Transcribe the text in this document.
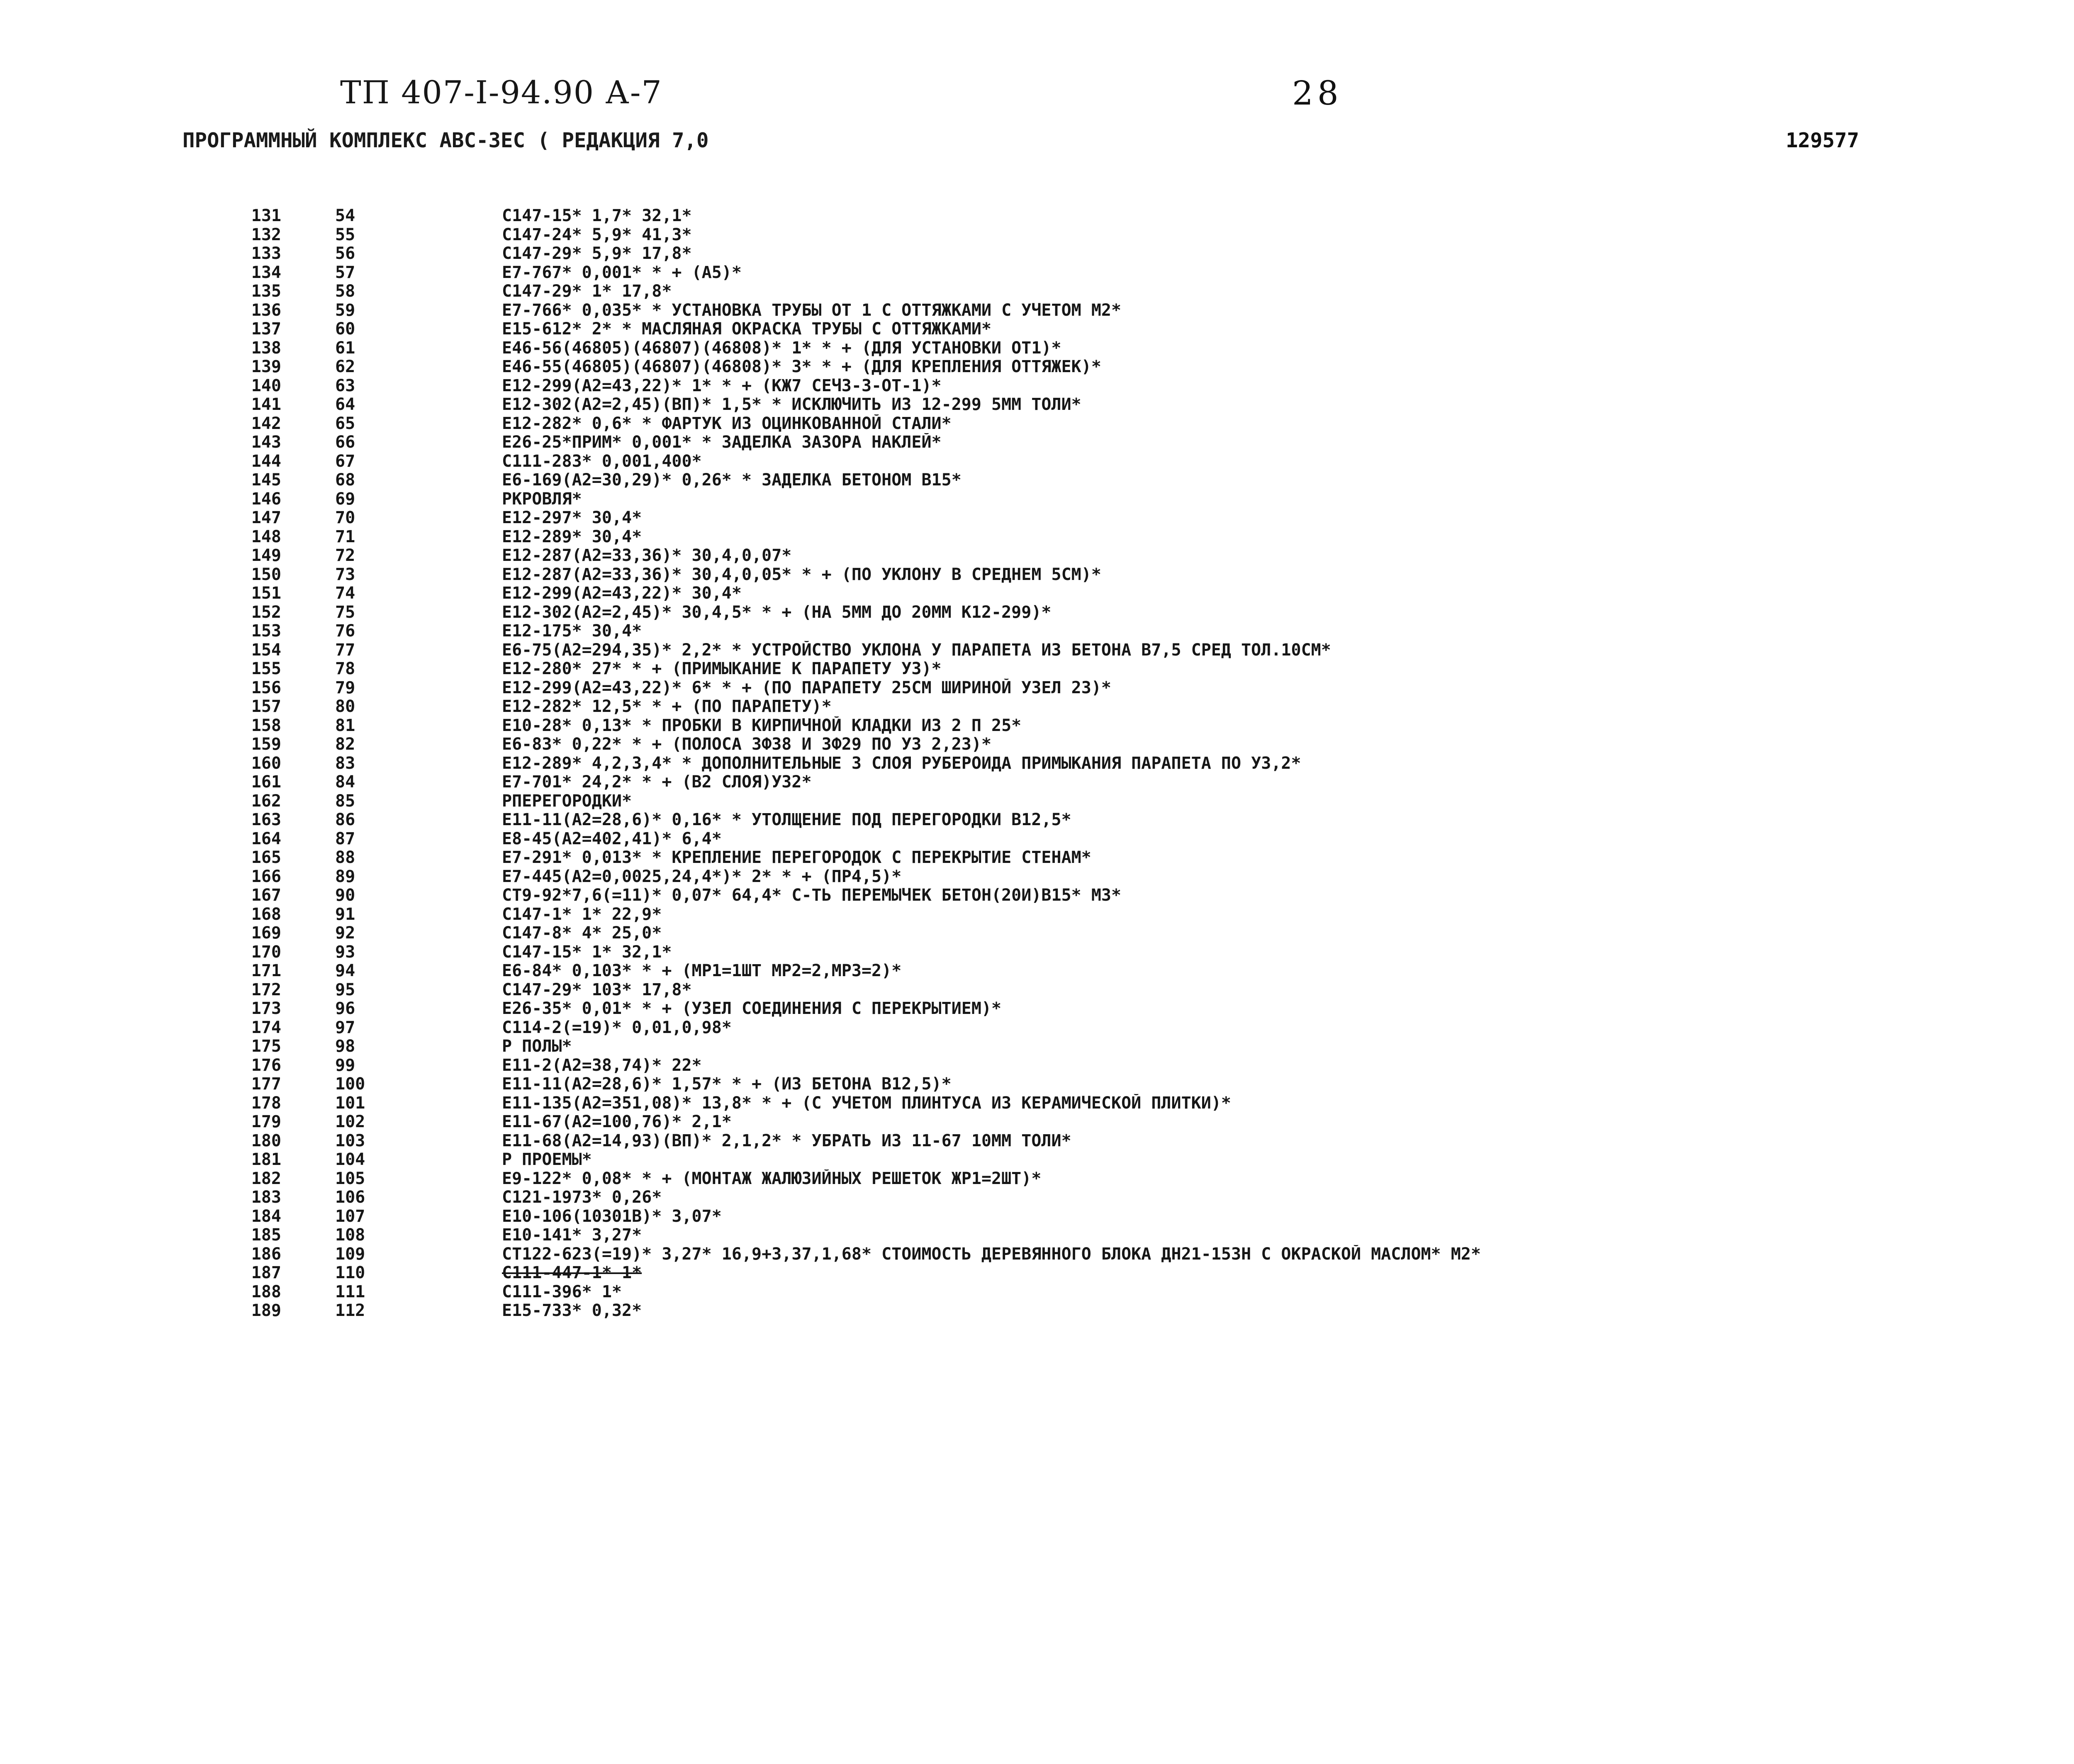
ТП 407-І-94.90 А-7	28
ПРОГРАММНЫЙ КОМПЛЕКС АВС-3ЕС ( РЕДАКЦИЯ 7,0	129577
131	54	С147-15* 1,7* 32,1*
132	55	С147-24* 5,9* 41,3*
133	56	С147-29* 5,9* 17,8*
134	57	Е7-767* 0,001* * + (А5)*
135	58	С147-29* 1* 17,8*
136	59	Е7-766* 0,035* * УСТАНОВКА ТРУБЫ ОТ 1 С ОТТЯЖКАМИ С УЧЕТОМ М2*
137	60	Е15-612* 2* * МАСЛЯНАЯ ОКРАСКА ТРУБЫ С ОТТЯЖКАМИ*
138	61	Е46-56(46805)(46807)(46808)* 1* * + (ДЛЯ УСТАНОВКИ ОТ1)*
139	62	Е46-55(46805)(46807)(46808)* 3* * + (ДЛЯ КРЕПЛЕНИЯ ОТТЯЖЕК)*
140	63	Е12-299(А2=43,22)* 1* * + (КЖ7 СЕЧ3-3-ОТ-1)*
141	64	Е12-302(А2=2,45)(ВП)* 1,5* * ИСКЛЮЧИТЬ ИЗ 12-299 5ММ ТОЛИ*
142	65	Е12-282* 0,6* * ФАРТУК ИЗ ОЦИНКОВАННОЙ СТАЛИ*
143	66	Е26-25*ПРИМ* 0,001* * ЗАДЕЛКА ЗАЗОРА НАКЛЕЙ*
144	67	С111-283* 0,001,400*
145	68	Е6-169(А2=30,29)* 0,26* * ЗАДЕЛКА БЕТОНОМ В15*
146	69	РКРОВЛЯ*
147	70	Е12-297* 30,4*
148	71	Е12-289* 30,4*
149	72	Е12-287(А2=33,36)* 30,4,0,07*
150	73	Е12-287(А2=33,36)* 30,4,0,05* * + (ПО УКЛОНУ В СРЕДНЕМ 5СМ)*
151	74	Е12-299(А2=43,22)* 30,4*
152	75	Е12-302(А2=2,45)* 30,4,5* * + (НА 5ММ ДО 20ММ К12-299)*
153	76	Е12-175* 30,4*
154	77	Е6-75(А2=294,35)* 2,2* * УСТРОЙСТВО УКЛОНА У ПАРАПЕТА ИЗ БЕТОНА В7,5 СРЕД ТОЛ.10СМ*
155	78	Е12-280* 27* * + (ПРИМЫКАНИЕ К ПАРАПЕТУ У3)*
156	79	Е12-299(А2=43,22)* 6* * + (ПО ПАРАПЕТУ 25СМ ШИРИНОЙ УЗЕЛ 23)*
157	80	Е12-282* 12,5* * + (ПО ПАРАПЕТУ)*
158	81	Е10-28* 0,13* * ПРОБКИ В КИРПИЧНОЙ КЛАДКИ ИЗ 2 П 25*
159	82	Е6-83* 0,22* * + (ПОЛОСА 3Ф38 И 3Ф29 ПО У3 2,23)*
160	83	Е12-289* 4,2,3,4* * ДОПОЛНИТЕЛЬНЫЕ 3 СЛОЯ РУБЕРОИДА ПРИМЫКАНИЯ ПАРАПЕТА ПО У3,2*
161	84	Е7-701* 24,2* * + (В2 СЛОЯ)У32*
162	85	РПЕРЕГОРОДКИ*
163	86	Е11-11(А2=28,6)* 0,16* * УТОЛЩЕНИЕ ПОД ПЕРЕГОРОДКИ В12,5*
164	87	Е8-45(А2=402,41)* 6,4*
165	88	Е7-291* 0,013* * КРЕПЛЕНИЕ ПЕРЕГОРОДОК С ПЕРЕКРЫТИЕ СТЕНАМ*
166	89	Е7-445(А2=0,0025,24,4*)* 2* * + (ПР4,5)*
167	90	СТ9-92*7,6(=11)* 0,07* 64,4* С-ТЬ ПЕРЕМЫЧЕК БЕТОН(20И)В15* М3*
168	91	С147-1* 1* 22,9*
169	92	С147-8* 4* 25,0*
170	93	С147-15* 1* 32,1*
171	94	Е6-84* 0,103* * + (МР1=1ШТ МР2=2,МР3=2)*
172	95	С147-29* 103* 17,8*
173	96	Е26-35* 0,01* * + (УЗЕЛ СОЕДИНЕНИЯ С ПЕРЕКРЫТИЕМ)*
174	97	С114-2(=19)* 0,01,0,98*
175	98	Р ПОЛЫ*
176	99	Е11-2(А2=38,74)* 22*
177	100	Е11-11(А2=28,6)* 1,57* * + (ИЗ БЕТОНА В12,5)*
178	101	Е11-135(А2=351,08)* 13,8* * + (С УЧЕТОМ ПЛИНТУСА ИЗ КЕРАМИЧЕСКОЙ ПЛИТКИ)*
179	102	Е11-67(А2=100,76)* 2,1*
180	103	Е11-68(А2=14,93)(ВП)* 2,1,2* * УБРАТЬ ИЗ 11-67 10ММ ТОЛИ*
181	104	Р ПРОЕМЫ*
182	105	Е9-122* 0,08* * + (МОНТАЖ ЖАЛЮЗИЙНЫХ РЕШЕТОК ЖР1=2ШТ)*
183	106	С121-1973* 0,26*
184	107	Е10-106(10301В)* 3,07*
185	108	Е10-141* 3,27*
186	109	СТ122-623(=19)* 3,27* 16,9+3,37,1,68* СТОИМОСТЬ ДЕРЕВЯННОГО БЛОКА ДН21-153Н С ОКРАСКОЙ МАСЛОМ* М2*
187	110	С111-447-1* 1*
188	111	С111-396* 1*
189	112	Е15-733* 0,32*
